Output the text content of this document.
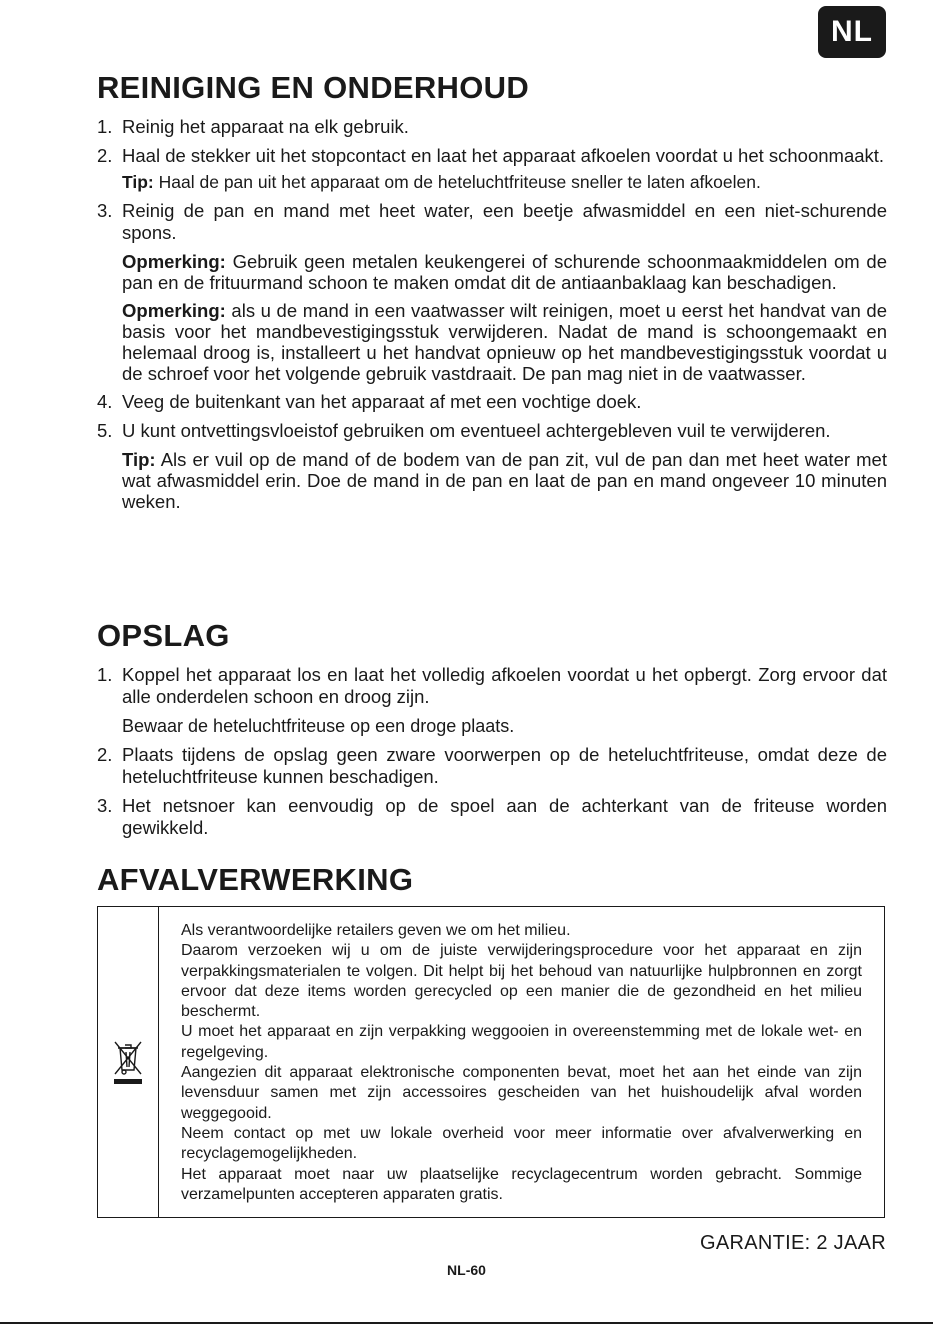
NL
REINIGING EN ONDERHOUD
1. Reinig het apparaat na elk gebruik.
2. Haal de stekker uit het stopcontact en laat het apparaat afkoelen voordat u het schoonmaakt.

Tip: Haal de pan uit het apparaat om de heteluchtfriteuse sneller te laten afkoelen.

3. Reinig de pan en mand met heet water, een beetje afwasmiddel en een niet-schurende spons.

Opmerking: Gebruik geen metalen keukengerei of schurende schoonmaakmiddelen om de pan en de frituurmand schoon te maken omdat dit de antiaanbaklaag kan beschadigen.

Opmerking: als u de mand in een vaatwasser wilt reinigen, moet u eerst het handvat van de basis voor het mandbevestigingsstuk verwijderen. Nadat de mand is schoongemaakt en helemaal droog is, installeert u het handvat opnieuw op het mandbevestigingsstuk voordat u de schroef voor het volgende gebruik vastdraait. De pan mag niet in de vaatwasser.

4. Veeg de buitenkant van het apparaat af met een vochtige doek.
5. U kunt ontvettingsvloeistof gebruiken om eventueel achtergebleven vuil te verwijderen.

Tip: Als er vuil op de mand of de bodem van de pan zit, vul de pan dan met heet water met wat afwasmiddel erin. Doe de mand in de pan en laat de pan en mand ongeveer 10 minuten weken.

OPSLAG
1. Koppel het apparaat los en laat het volledig afkoelen voordat u het opbergt. Zorg ervoor dat alle onderdelen schoon en droog zijn.

Bewaar de heteluchtfriteuse op een droge plaats.

2. Plaats tijdens de opslag geen zware voorwerpen op de heteluchtfriteuse, omdat deze de heteluchtfriteuse kunnen beschadigen.
3. Het netsnoer kan eenvoudig op de spoel aan de achterkant van de friteuse worden gewikkeld.
AFVALVERWERKING

Als verantwoordelijke retailers geven we om het milieu.

Daarom verzoeken wij u om de juiste verwijderingsprocedure voor het apparaat en zijn verpakkingsmaterialen te volgen. Dit helpt bij het behoud van natuurlijke hulpbronnen en zorgt ervoor dat deze items worden gerecycled op een manier die de gezondheid en het milieu beschermt.

U moet het apparaat en zijn verpakking weggooien in overeenstemming met de lokale wet- en regelgeving.

Aangezien dit apparaat elektronische componenten bevat, moet het aan het einde van zijn levensduur samen met zijn accessoires gescheiden van het huishoudelijk afval worden weggegooid.

Neem contact op met uw lokale overheid voor meer informatie over afvalverwerking en recyclagemogelijkheden.

Het apparaat moet naar uw plaatselijke recyclagecentrum worden gebracht. Sommige verzamelpunten accepteren apparaten gratis.

GARANTIE: 2 JAAR
NL-60
